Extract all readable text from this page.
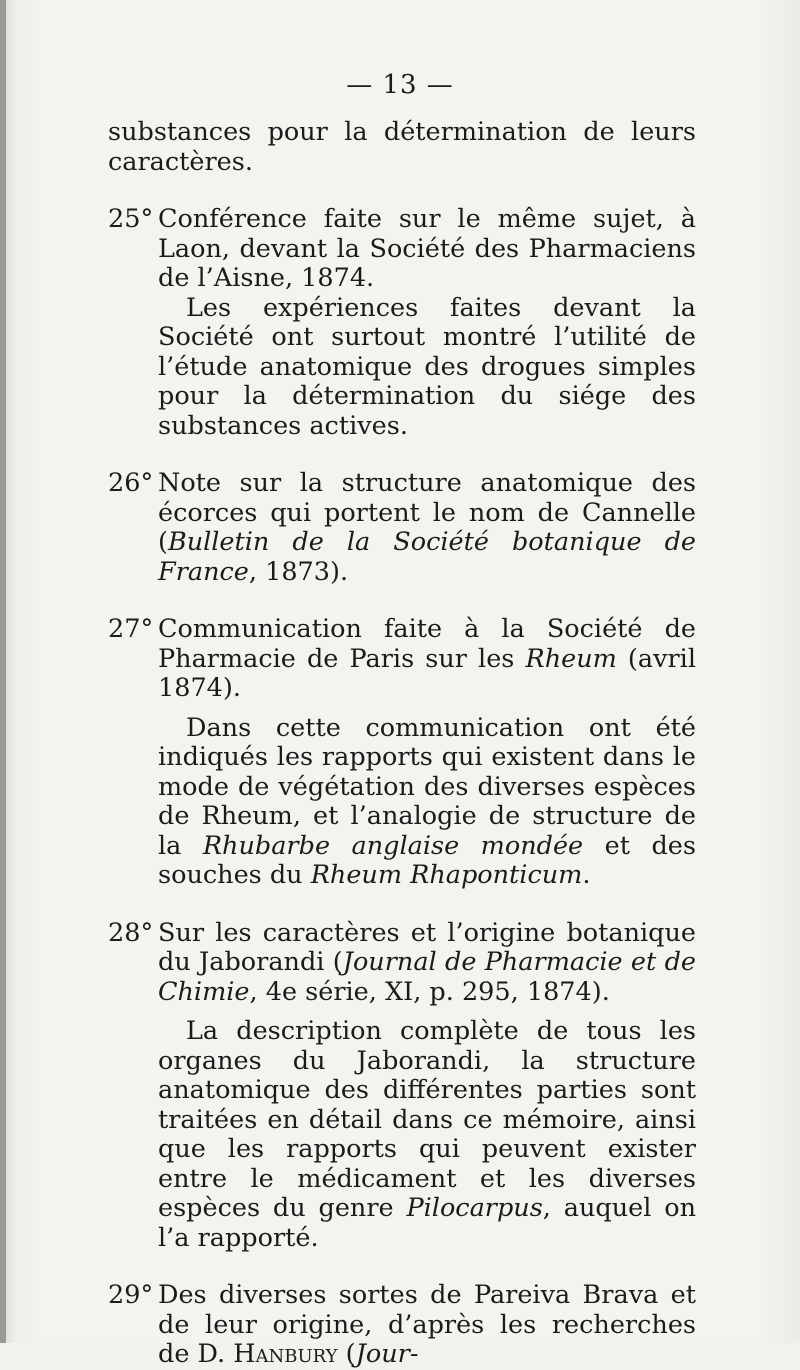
— 13 —

substances pour la détermination de leurs caractères.

25° Conférence faite sur le même sujet, à Laon, devant la Société des Pharmaciens de l’Aisne, 1874.

Les expériences faites devant la Société ont surtout montré l’utilité de l’étude anatomique des drogues simples pour la détermination du siége des substances actives.

26° Note sur la structure anatomique des écorces qui portent le nom de Cannelle (Bulletin de la Société botanique de France, 1873).

27° Communication faite à la Société de Pharmacie de Paris sur les Rheum (avril 1874).

Dans cette communication ont été indiqués les rapports qui existent dans le mode de végétation des diverses espèces de Rheum, et l’analogie de structure de la Rhubarbe anglaise mondée et des souches du Rheum Rhaponticum.

28° Sur les caractères et l’origine botanique du Jaborandi (Journal de Pharmacie et de Chimie, 4e série, XI, p. 295, 1874).

La description complète de tous les organes du Jaborandi, la structure anatomique des différentes parties sont traitées en détail dans ce mémoire, ainsi que les rapports qui peuvent exister entre le médicament et les diverses espèces du genre Pilocarpus, auquel on l’a rapporté.

29° Des diverses sortes de Pareiva Brava et de leur origine, d’après les recherches de D. Hanbury (Jour-
